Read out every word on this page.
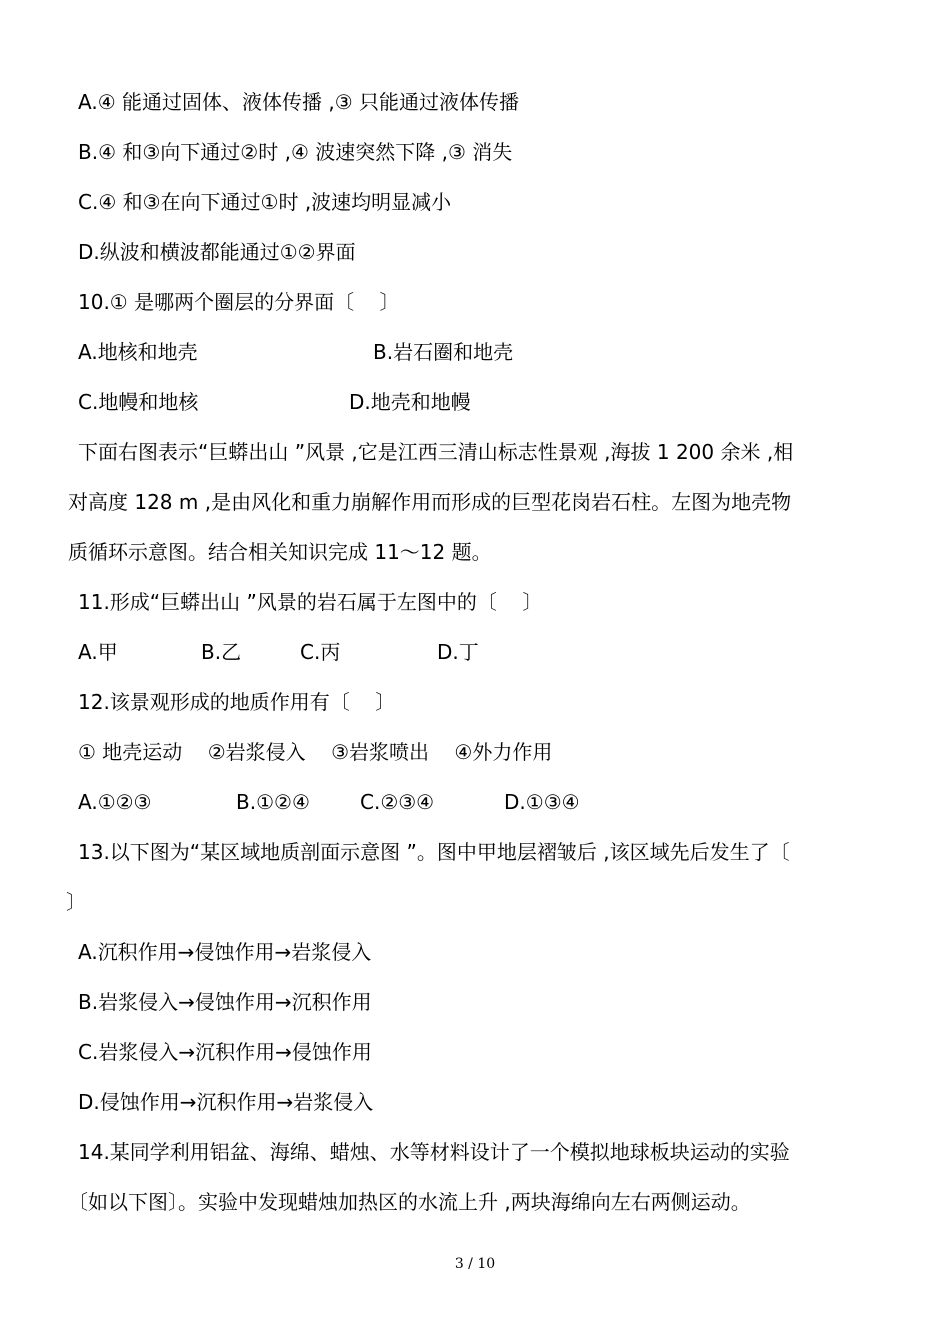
A.④ 能通过固体、液体传播 ,③ 只能通过液体传播
B.④ 和③向下通过②时 ,④ 波速突然下降 ,③ 消失
C.④ 和③在向下通过①时 ,波速均明显减小
D.纵波和横波都能通过①②界面
10.① 是哪两个圈层的分界面〔    〕
A.地核和地壳	B.岩石圈和地壳
C.地幔和地核	D.地壳和地幔
下面右图表示“巨蟒出山 ”风景 ,它是江西三清山标志性景观 ,海拔 1 200 余米 ,相
对高度 128 m ,是由风化和重力崩解作用而形成的巨型花岗岩石柱。左图为地壳物
质循环示意图。结合相关知识完成 11～12 题。
11.形成“巨蟒出山 ”风景的岩石属于左图中的〔    〕
A.甲	B.乙	C.丙	D.丁
12.该景观形成的地质作用有〔    〕
① 地壳运动    ②岩浆侵入    ③岩浆喷出    ④外力作用
A.①②③	B.①②④	C.②③④	D.①③④
13.以下图为“某区域地质剖面示意图 ”。图中甲地层褶皱后 ,该区域先后发生了〔
〕
A.沉积作用→侵蚀作用→岩浆侵入
B.岩浆侵入→侵蚀作用→沉积作用
C.岩浆侵入→沉积作用→侵蚀作用
D.侵蚀作用→沉积作用→岩浆侵入
14.某同学利用铝盆、海绵、蜡烛、水等材料设计了一个模拟地球板块运动的实验
〔如以下图〕。实验中发现蜡烛加热区的水流上升 ,两块海绵向左右两侧运动。
3 / 10
